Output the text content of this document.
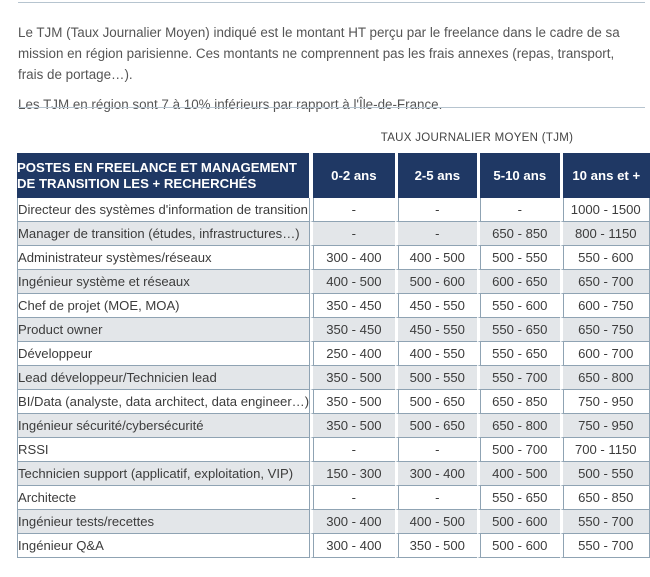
Le TJM (Taux Journalier Moyen) indiqué est le montant HT perçu par le freelance dans le cadre de sa mission en région parisienne. Ces montants ne comprennent pas les frais annexes (repas, transport, frais de portage…).

Les TJM en région sont 7 à 10% inférieurs par rapport à l'Île-de-France.

TAUX JOURNALIER MOYEN (TJM)
POSTES EN FREELANCE ET MANAGEMENT DE TRANSITION LES + RECHERCHÉS	0-2 ans	2-5 ans	5-10 ans	10 ans et +
Directeur des systèmes d'information de transition	-	-	-	1000 - 1500
Manager de transition (études, infrastructures…)	-	-	650 - 850	800 - 1150
Administrateur systèmes/réseaux	300 - 400	400 - 500	500 - 550	550 - 600
Ingénieur système et réseaux	400 - 500	500 - 600	600 - 650	650 - 700
Chef de projet (MOE, MOA)	350 - 450	450 - 550	550 - 600	600 - 750
Product owner	350 - 450	450 - 550	550 - 650	650 - 750
Développeur	250 - 400	400 - 550	550 - 650	600 - 700
Lead développeur/Technicien lead	350 - 500	500 - 550	550 - 700	650 - 800
BI/Data (analyste, data architect, data engineer…)	350 - 500	500 - 650	650 - 850	750 - 950
Ingénieur sécurité/cybersécurité	350 - 500	500 - 650	650 - 800	750 - 950
RSSI	-	-	500 - 700	700 - 1150
Technicien support (applicatif, exploitation, VIP)	150 - 300	300 - 400	400 - 500	500 - 550
Architecte	-	-	550 - 650	650 - 850
Ingénieur tests/recettes	300 - 400	400 - 500	500 - 600	550 - 700
Ingénieur Q&A	300 - 400	350 - 500	500 - 600	550 - 700
